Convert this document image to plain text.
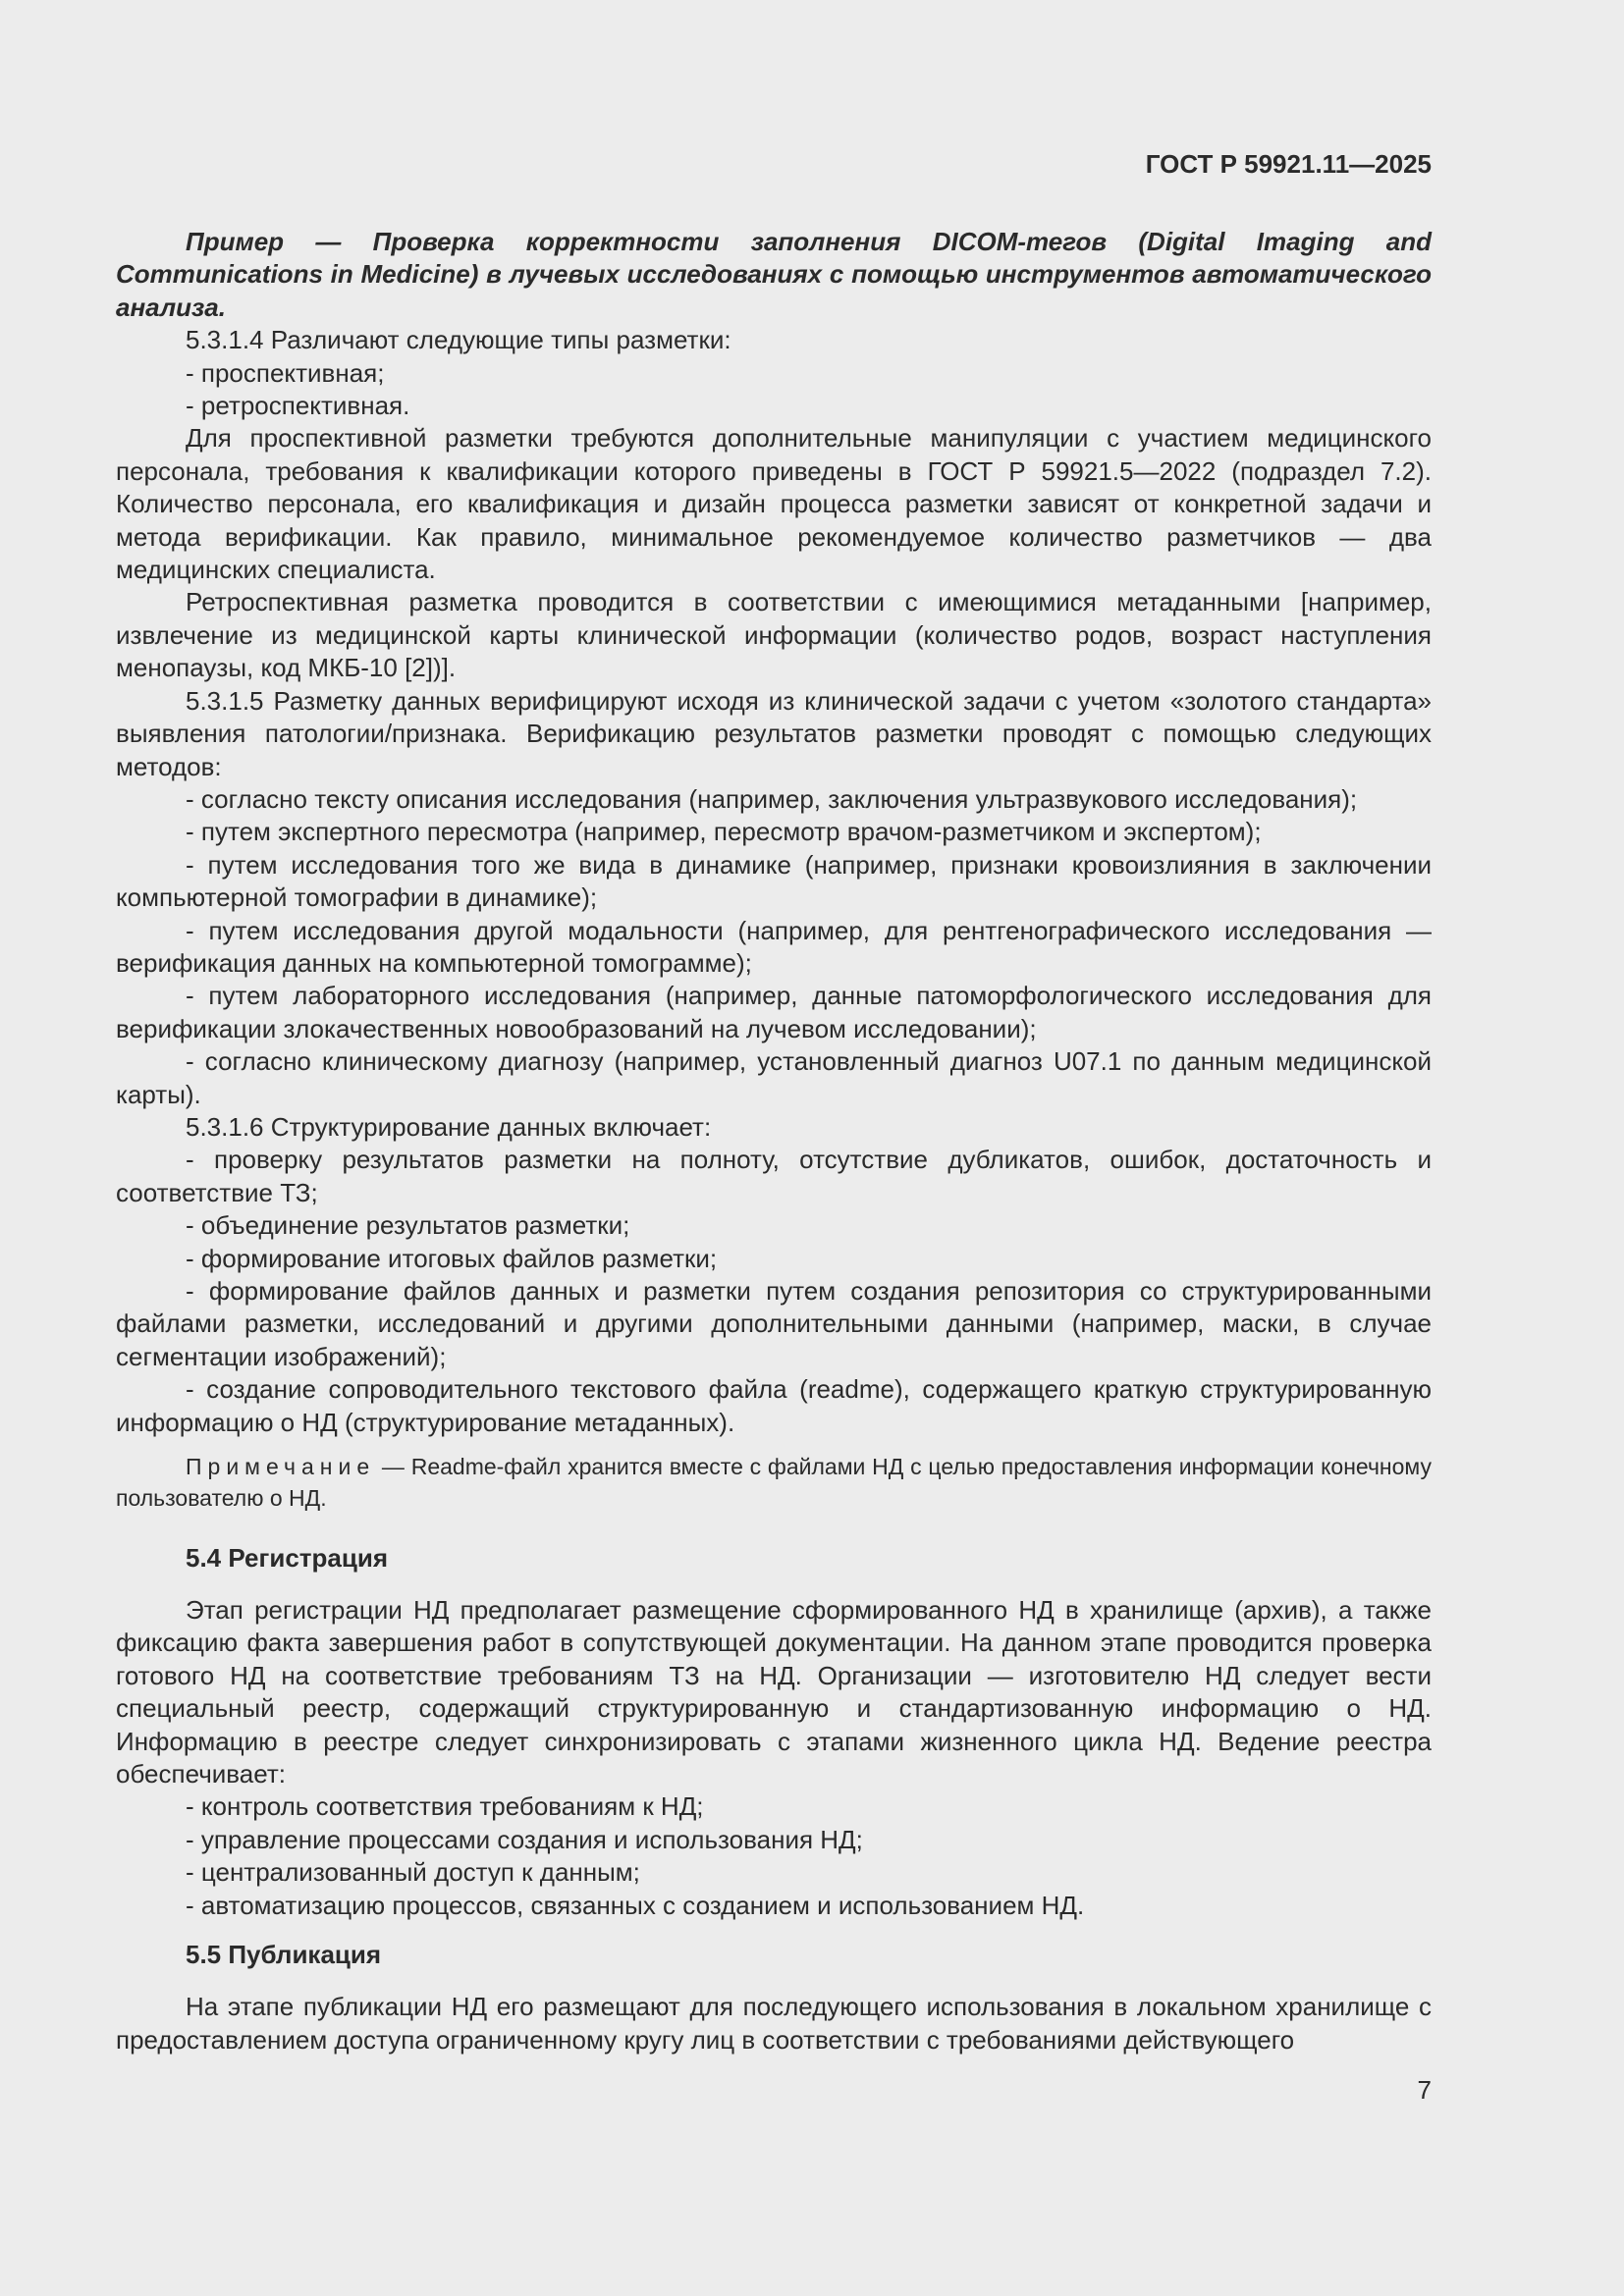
ГОСТ Р 59921.11—2025

Пример — Проверка корректности заполнения DICOM-тегов (Digital Imaging and Communications in Medicine) в лучевых исследованиях с помощью инструментов автоматического анализа.

5.3.1.4 Различают следующие типы разметки:

- проспективная;

- ретроспективная.

Для проспективной разметки требуются дополнительные манипуляции с участием медицинского персонала, требования к квалификации которого приведены в ГОСТ Р 59921.5—2022 (подраздел 7.2). Количество персонала, его квалификация и дизайн процесса разметки зависят от конкретной задачи и метода верификации. Как правило, минимальное рекомендуемое количество разметчиков — два медицинских специалиста.

Ретроспективная разметка проводится в соответствии с имеющимися метаданными [например, извлечение из медицинской карты клинической информации (количество родов, возраст наступления менопаузы, код МКБ-10 [2])].

5.3.1.5 Разметку данных верифицируют исходя из клинической задачи с учетом «золотого стандарта» выявления патологии/признака. Верификацию результатов разметки проводят с помощью следующих методов:

- согласно тексту описания исследования (например, заключения ультразвукового исследования);

- путем экспертного пересмотра (например, пересмотр врачом-разметчиком и экспертом);

- путем исследования того же вида в динамике (например, признаки кровоизлияния в заключении компьютерной томографии в динамике);

- путем исследования другой модальности (например, для рентгенографического исследования — верификация данных на компьютерной томограмме);

- путем лабораторного исследования (например, данные патоморфологического исследования для верификации злокачественных новообразований на лучевом исследовании);

- согласно клиническому диагнозу (например, установленный диагноз U07.1 по данным медицинской карты).

5.3.1.6 Структурирование данных включает:

- проверку результатов разметки на полноту, отсутствие дубликатов, ошибок, достаточность и соответствие ТЗ;

- объединение результатов разметки;

- формирование итоговых файлов разметки;

- формирование файлов данных и разметки путем создания репозитория со структурированными файлами разметки, исследований и другими дополнительными данными (например, маски, в случае сегментации изображений);

- создание сопроводительного текстового файла (readme), содержащего краткую структурированную информацию о НД (структурирование метаданных).

Примечание — Readme-файл хранится вместе с файлами НД с целью предоставления информации конечному пользователю о НД.

5.4 Регистрация

Этап регистрации НД предполагает размещение сформированного НД в хранилище (архив), а также фиксацию факта завершения работ в сопутствующей документации. На данном этапе проводится проверка готового НД на соответствие требованиям ТЗ на НД. Организации — изготовителю НД следует вести специальный реестр, содержащий структурированную и стандартизованную информацию о НД. Информацию в реестре следует синхронизировать с этапами жизненного цикла НД. Ведение реестра обеспечивает:

- контроль соответствия требованиям к НД;

- управление процессами создания и использования НД;

- централизованный доступ к данным;

- автоматизацию процессов, связанных с созданием и использованием НД.

5.5 Публикация

На этапе публикации НД его размещают для последующего использования в локальном хранилище с предоставлением доступа ограниченному кругу лиц в соответствии с требованиями действующего

7
